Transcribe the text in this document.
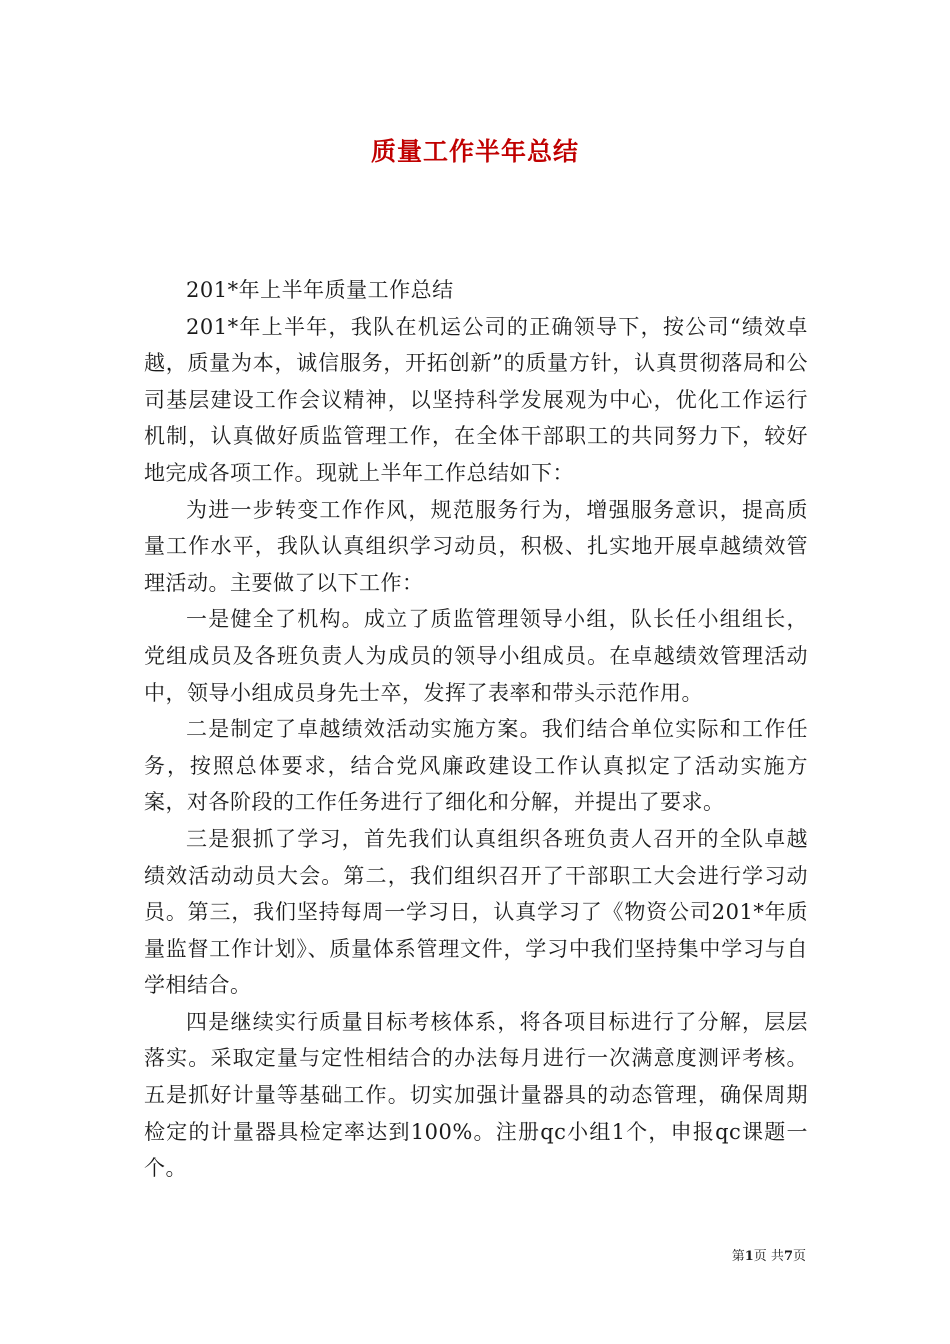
质量工作半年总结

201*年上半年质量工作总结

201*年上半年，我队在机运公司的正确领导下，按公司“绩效卓越，质量为本，诚信服务，开拓创新”的质量方针，认真贯彻落局和公司基层建设工作会议精神，以坚持科学发展观为中心，优化工作运行机制，认真做好质监管理工作，在全体干部职工的共同努力下，较好地完成各项工作。现就上半年工作总结如下：

为进一步转变工作作风，规范服务行为，增强服务意识，提高质量工作水平，我队认真组织学习动员，积极、扎实地开展卓越绩效管理活动。主要做了以下工作：

一是健全了机构。成立了质监管理领导小组，队长任小组组长，党组成员及各班负责人为成员的领导小组成员。在卓越绩效管理活动中，领导小组成员身先士卒，发挥了表率和带头示范作用。

二是制定了卓越绩效活动实施方案。我们结合单位实际和工作任务，按照总体要求，结合党风廉政建设工作认真拟定了活动实施方案，对各阶段的工作任务进行了细化和分解，并提出了要求。

三是狠抓了学习，首先我们认真组织各班负责人召开的全队卓越绩效活动动员大会。第二，我们组织召开了干部职工大会进行学习动员。第三，我们坚持每周一学习日，认真学习了《物资公司201*年质量监督工作计划》、质量体系管理文件，学习中我们坚持集中学习与自学相结合。

四是继续实行质量目标考核体系，将各项目标进行了分解，层层落实。采取定量与定性相结合的办法每月进行一次满意度测评考核。五是抓好计量等基础工作。切实加强计量器具的动态管理，确保周期检定的计量器具检定率达到100%。注册qc小组1个，申报qc课题一个。

第1页 共7页
